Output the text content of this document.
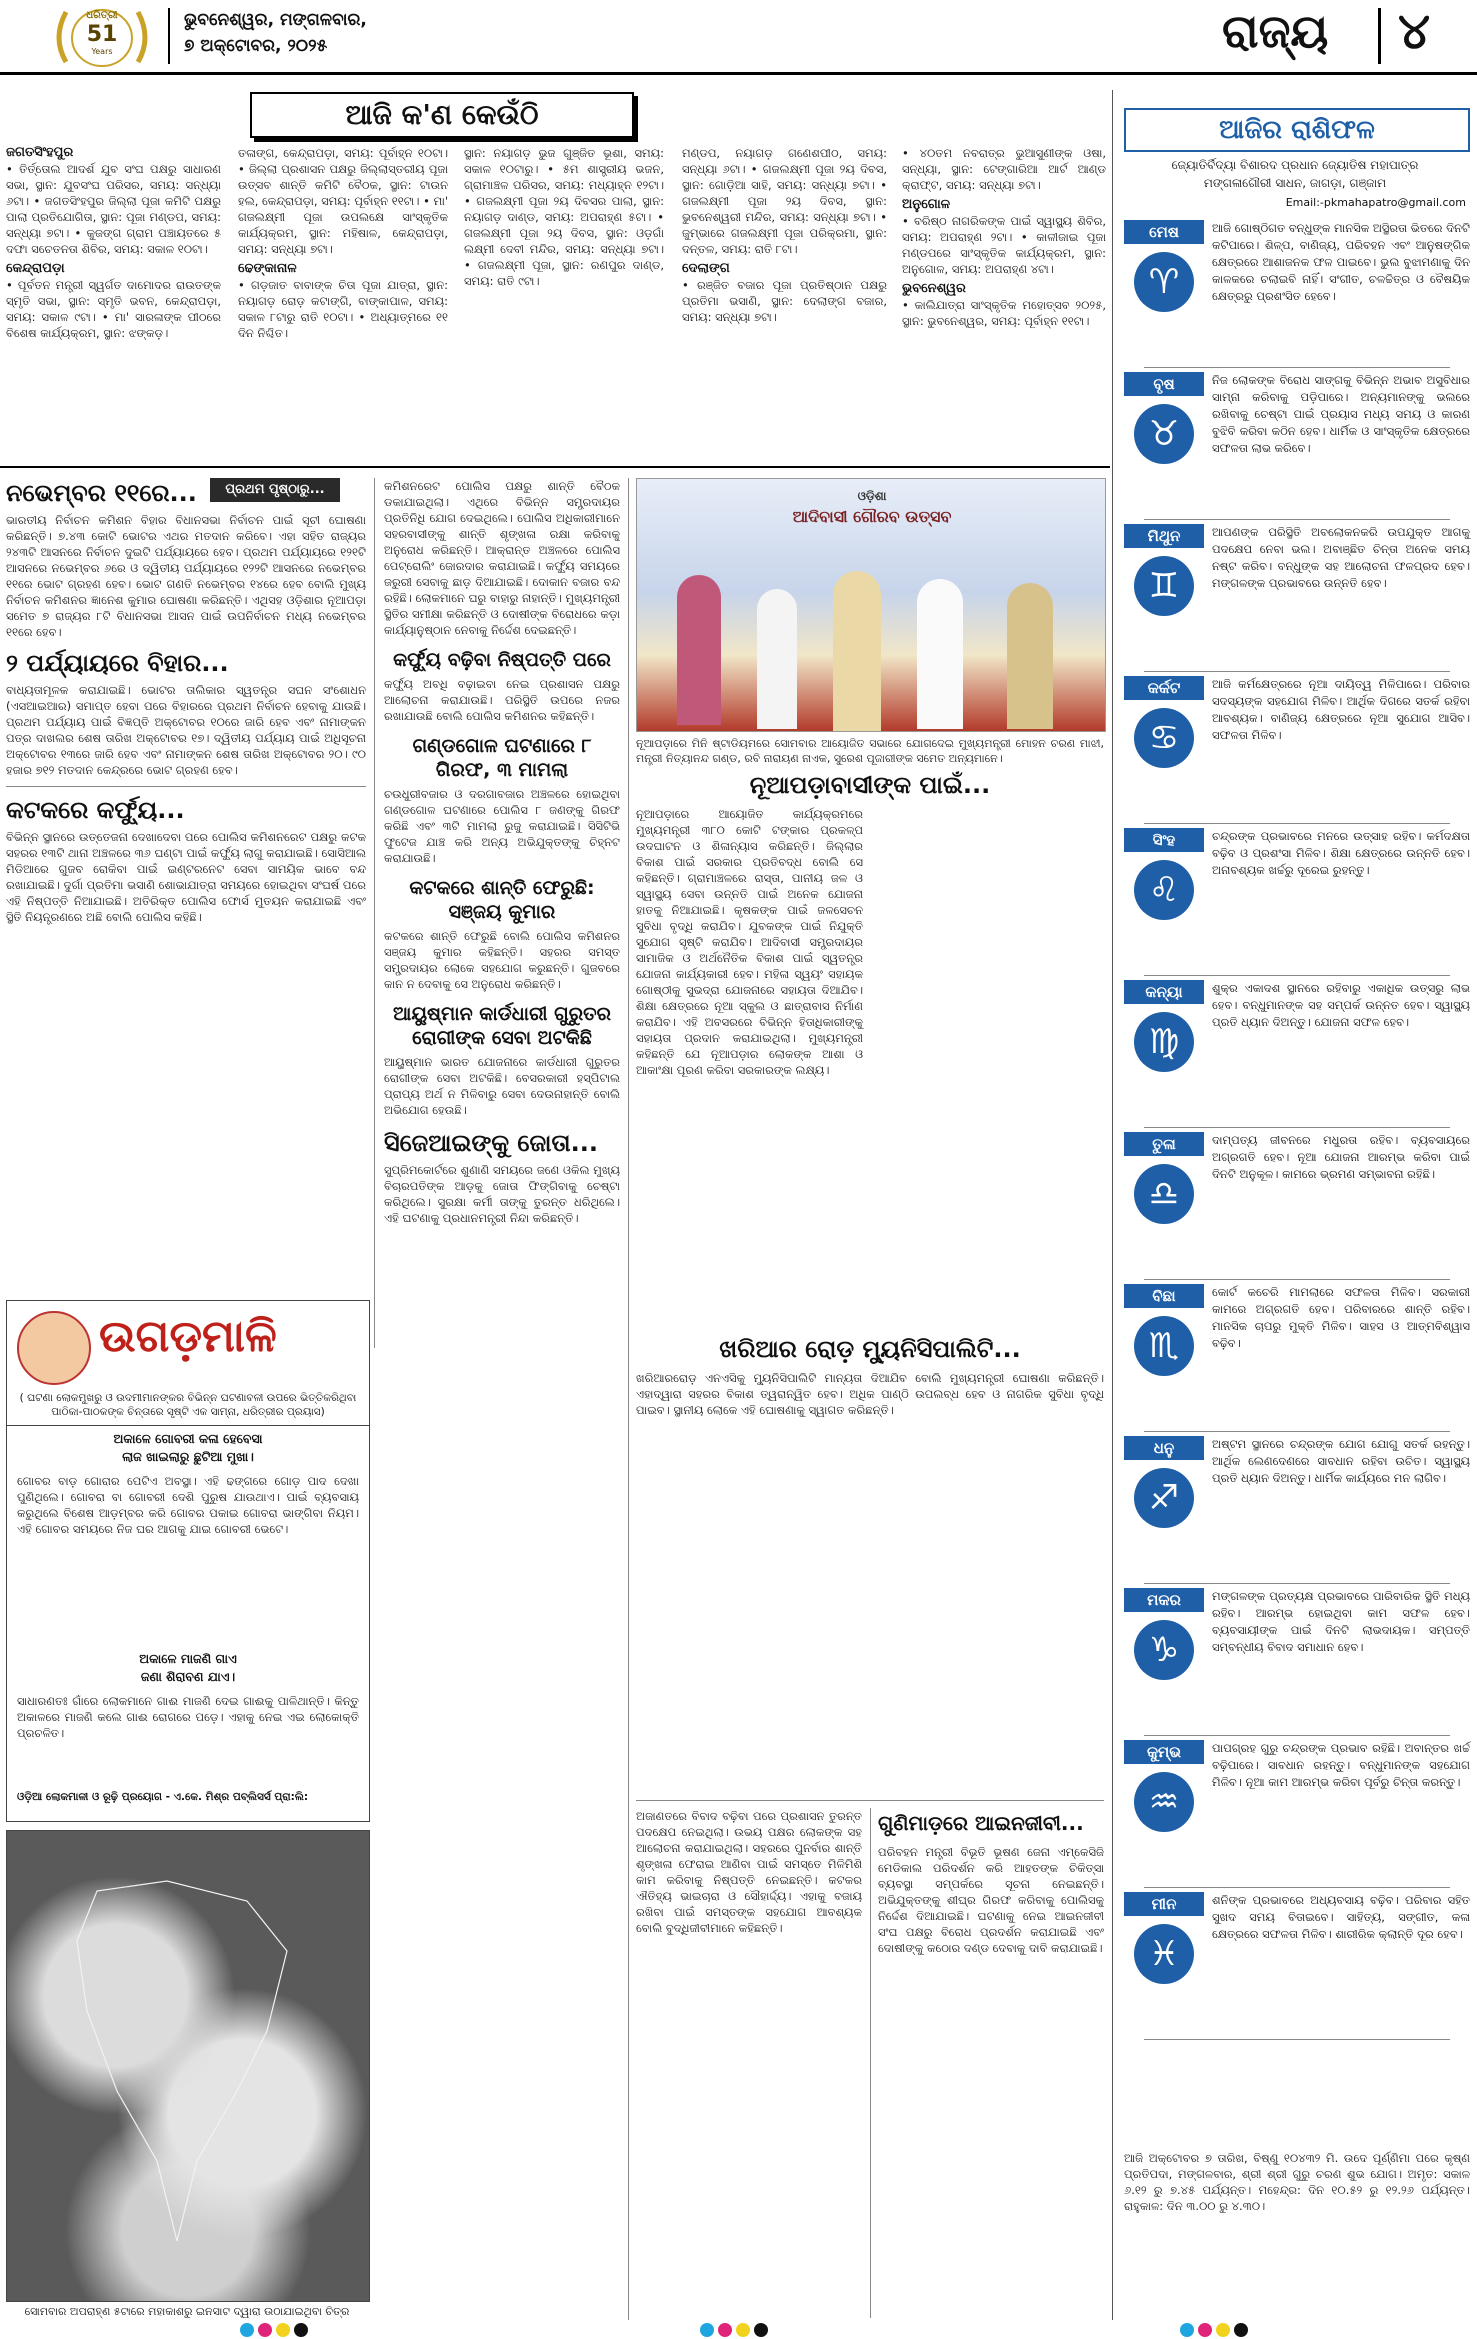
ଧରିତ୍ରୀ
51
Years
ଭୁବନେଶ୍ୱର, ମଙ୍ଗଳବାର,
୭ ଅକ୍ଟୋବର, ୨୦୨୫	ରାଜ୍ୟ ୪
ଆଜି କ'ଣ କେଉଁଠି
ଜଗତସିଂହପୁର

• ତିର୍ତ୍ତୋଲ ଆଦର୍ଶ ଯୁବ ସଂଘ ପକ୍ଷରୁ ସାଧାରଣ ସଭା, ସ୍ଥାନ: ଯୁବସଂଘ ପରିସର, ସମୟ: ସନ୍ଧ୍ୟା ୬ଟା। • ଜଗତସିଂହପୁର ଜିଲ୍ଲା ପୂଜା କମିଟି ପକ୍ଷରୁ ପାଲା ପ୍ରତିଯୋଗିତା, ସ୍ଥାନ: ପୂଜା ମଣ୍ଡପ, ସମୟ: ସନ୍ଧ୍ୟା ୭ଟା। • କୁଜଙ୍ଗ ଗ୍ରାମ ପଞ୍ଚାୟତରେ ୫ ଦଫା ସଚେତନତା ଶିବିର, ସମୟ: ସକାଳ ୧୦ଟା।

କେନ୍ଦ୍ରାପଡ଼ା

• ପୂର୍ବତନ ମନ୍ତ୍ରୀ ସ୍ୱର୍ଗତ ଦାମୋଦର ରାଉତଙ୍କ ସ୍ମୃତି ସଭା, ସ୍ଥାନ: ସ୍ମୃତି ଭବନ, କେନ୍ଦ୍ରାପଡ଼ା, ସମୟ: ସକାଳ ୯ଟା। • ମା' ସାରଳାଙ୍କ ପୀଠରେ ବିଶେଷ କାର୍ଯ୍ୟକ୍ରମ, ସ୍ଥାନ: ଝଙ୍କଡ଼।

ତଳାଙ୍ଗ, କେନ୍ଦ୍ରାପଡ଼ା, ସମୟ: ପୂର୍ବାହ୍ନ ୧୦ଟା। • ଜିଲ୍ଲା ପ୍ରଶାସନ ପକ୍ଷରୁ ଜିଲ୍ଲାସ୍ତରୀୟ ପୂଜା ଉତ୍ସବ ଶାନ୍ତି କମିଟି ବୈଠକ, ସ୍ଥାନ: ଟାଉନ ହଲ, କେନ୍ଦ୍ରାପଡ଼ା, ସମୟ: ପୂର୍ବାହ୍ନ ୧୧ଟା। • ମା' ଗଜଲକ୍ଷ୍ମୀ ପୂଜା ଉପଲକ୍ଷେ ସାଂସ୍କୃତିକ କାର୍ଯ୍ୟକ୍ରମ, ସ୍ଥାନ: ମହିଷାଳ, କେନ୍ଦ୍ରାପଡ଼ା, ସମୟ: ସନ୍ଧ୍ୟା ୭ଟା।

ଢେଙ୍କାନାଳ

• ଗଡ଼ଜାତ ବାବାଙ୍କ ଚିତା ପୂଜା ଯାତ୍ରା, ସ୍ଥାନ: ନୟାଗଡ଼ ରୋଡ଼ କଟାଙ୍ଗି, ବାଙ୍କାପାଳ, ସମୟ: ସକାଳ ୮ଟାରୁ ରାତି ୧୦ଟା। • ଅଧ୍ୟାତ୍ମରେ ୧୧ ଦିନ ନିଶ୍ଚିତ।

ସ୍ଥାନ: ନୟାଗଡ଼ ଭୁଜ ଗୁଞ୍ଜିତ ଭୂଶା, ସମୟ: ସକାଳ ୧୦ଟାରୁ। • ୫ମ ଶାସ୍ତ୍ରୀୟ ଭଜନ, ଗ୍ରାମାଞ୍ଚଳ ପରିସର, ସମୟ: ମଧ୍ୟାହ୍ନ ୧୨ଟା। • ଗଜଲକ୍ଷ୍ମୀ ପୂଜା ୨ୟ ଦିବସର ପାଲା, ସ୍ଥାନ: ନୟାଗଡ଼ ଦାଣ୍ଡ, ସମୟ: ଅପରାହ୍ଣ ୫ଟା। • ଗଜଲକ୍ଷ୍ମୀ ପୂଜା ୨ୟ ଦିବସ, ସ୍ଥାନ: ଓଡ଼ଗାଁ ଲକ୍ଷ୍ମୀ ଦେବୀ ମନ୍ଦିର, ସମୟ: ସନ୍ଧ୍ୟା ୭ଟା। • ଗଜଲକ୍ଷ୍ମୀ ପୂଜା, ସ୍ଥାନ: ରଣପୁର ଦାଣ୍ଡ, ସମୟ: ରାତି ୯ଟା।

ମଣ୍ଡପ, ନୟାଗଡ଼ ଗଣେଶପୀଠ, ସମୟ: ସନ୍ଧ୍ୟା ୬ଟା। • ଗଜଲକ୍ଷ୍ମୀ ପୂଜା ୨ୟ ଦିବସ, ସ୍ଥାନ: ଗୋଡ଼ିଆ ସାହି, ସମୟ: ସନ୍ଧ୍ୟା ୭ଟା। • ଗଜଲକ୍ଷ୍ମୀ ପୂଜା ୨ୟ ଦିବସ, ସ୍ଥାନ: ଭୁବନେଶ୍ୱରୀ ମନ୍ଦିର, ସମୟ: ସନ୍ଧ୍ୟା ୭ଟା। • ଜୁମ୍ଭାରେ ଗଜଲକ୍ଷ୍ମୀ ପୂଜା ପରିକ୍ରମା, ସ୍ଥାନ: ଦନ୍ତଳ, ସମୟ: ରାତି ୮ଟା।

ଦେଲାଙ୍ଗ

• ରଞ୍ଜିତ ବଜାର ପୂଜା ପ୍ରତିଷ୍ଠାନ ପକ୍ଷରୁ ପ୍ରତିମା ଭସାଣି, ସ୍ଥାନ: ଦେଲାଙ୍ଗ ବଜାର, ସମୟ: ସନ୍ଧ୍ୟା ୭ଟା।

• ୪୦ତମ ନବରାତ୍ର ଭୁଆସୁଣୀଙ୍କ ଓଷା, ସନ୍ଧ୍ୟା, ସ୍ଥାନ: ଟେଙ୍ଗାରିଆ ଆର୍ଟ ଆଣ୍ଡ କ୍ରାଫ୍ଟ, ସମୟ: ସନ୍ଧ୍ୟା ୭ଟା।

ଅନୁଗୋଳ

• ବରିଷ୍ଠ ନାଗରିକଙ୍କ ପାଇଁ ସ୍ୱାସ୍ଥ୍ୟ ଶିବିର, ସମୟ: ଅପରାହ୍ଣ ୨ଟା। • କାଳୀଜାଇ ପୂଜା ମଣ୍ଡପରେ ସାଂସ୍କୃତିକ କାର୍ଯ୍ୟକ୍ରମ, ସ୍ଥାନ: ଅନୁଗୋଳ, ସମୟ: ଅପରାହ୍ଣ ୪ଟା।

ଭୁବନେଶ୍ୱର

• କାଲିଯାତ୍ରା ସାଂସ୍କୃତିକ ମହୋତ୍ସବ ୨୦୨୫, ସ୍ଥାନ: ଭୁବନେଶ୍ୱର, ସମୟ: ପୂର୍ବାହ୍ନ ୧୧ଟା।

ନଭେମ୍ବର ୧୧ରେ...
ଭାରତୀୟ ନିର୍ବାଚନ କମିଶନ ବିହାର ବିଧାନସଭା ନିର୍ବାଚନ ପାଇଁ ସୂଚୀ ଘୋଷଣା କରିଛନ୍ତି। ୭.୪୩ କୋଟି ଭୋଟର ଏଥର ମତଦାନ କରିବେ। ଏହା ସହିତ ରାଜ୍ୟର ୨୪୩ଟି ଆସନରେ ନିର୍ବାଚନ ଦୁଇଟି ପର୍ଯ୍ୟାୟରେ ହେବ। ପ୍ରଥମ ପର୍ଯ୍ୟାୟରେ ୧୨୧ଟି ଆସନରେ ନଭେମ୍ବର ୬ରେ ଓ ଦ୍ୱିତୀୟ ପର୍ଯ୍ୟାୟରେ ୧୨୨ଟି ଆସନରେ ନଭେମ୍ବର ୧୧ରେ ଭୋଟ ଗ୍ରହଣ ହେବ। ଭୋଟ ଗଣତି ନଭେମ୍ବର ୧୪ରେ ହେବ ବୋଲି ମୁଖ୍ୟ ନିର୍ବାଚନ କମିଶନର ଜ୍ଞାନେଶ କୁମାର ଘୋଷଣା କରିଛନ୍ତି। ଏଥିସହ ଓଡ଼ିଶାର ନୂଆପଡ଼ା ସମେତ ୭ ରାଜ୍ୟର ୮ଟି ବିଧାନସଭା ଆସନ ପାଇଁ ଉପନିର୍ବାଚନ ମଧ୍ୟ ନଭେମ୍ବର ୧୧ରେ ହେବ।
୨ ପର୍ଯ୍ୟାୟରେ ବିହାର...
ବାଧ୍ୟତାମୂଳକ କରାଯାଇଛି। ଭୋଟର ତାଲିକାର ସ୍ୱତନ୍ତ୍ର ସଘନ ସଂଶୋଧନ (ଏସଆଇଆର) ସମାପ୍ତ ହେବା ପରେ ବିହାରରେ ପ୍ରଥମ ନିର୍ବାଚନ ହେବାକୁ ଯାଉଛି। ପ୍ରଥମ ପର୍ଯ୍ୟାୟ ପାଇଁ ବିଜ୍ଞପ୍ତି ଅକ୍ଟୋବର ୧୦ରେ ଜାରି ହେବ ଏବଂ ନାମାଙ୍କନ ପତ୍ର ଦାଖଲର ଶେଷ ତାରିଖ ଅକ୍ଟୋବର ୧୭। ଦ୍ୱିତୀୟ ପର୍ଯ୍ୟାୟ ପାଇଁ ଅଧିସୂଚନା ଅକ୍ଟୋବର ୧୩ରେ ଜାରି ହେବ ଏବଂ ନାମାଙ୍କନ ଶେଷ ତାରିଖ ଅକ୍ଟୋବର ୨୦। ୯୦ ହଜାର ୭୧୨ ମତଦାନ କେନ୍ଦ୍ରରେ ଭୋଟ ଗ୍ରହଣ ହେବ।
କଟକରେ କର୍ଫ୍ୟୁ...
ବିଭିନ୍ନ ସ୍ଥାନରେ ଉତ୍ତେଜନା ଦେଖାଦେବା ପରେ ପୋଲିସ କମିଶନରେଟ ପକ୍ଷରୁ କଟକ ସହରର ୧୩ଟି ଥାନା ଅଞ୍ଚଳରେ ୩୬ ଘଣ୍ଟା ପାଇଁ କର୍ଫ୍ୟୁ ଲାଗୁ କରାଯାଇଛି। ସୋସିଆଲ ମିଡିଆରେ ଗୁଜବ ରୋକିବା ପାଇଁ ଇଣ୍ଟରନେଟ ସେବା ସାମୟିକ ଭାବେ ବନ୍ଦ ରଖାଯାଇଛି। ଦୁର୍ଗା ପ୍ରତିମା ଭସାଣି ଶୋଭାଯାତ୍ରା ସମୟରେ ହୋଇଥିବା ସଂଘର୍ଷ ପରେ ଏହି ନିଷ୍ପତ୍ତି ନିଆଯାଇଛି। ଅତିରିକ୍ତ ପୋଲିସ ଫୋର୍ସ ମୁତୟନ କରାଯାଇଛି ଏବଂ ସ୍ଥିତି ନିୟନ୍ତ୍ରଣରେ ଅଛି ବୋଲି ପୋଲିସ କହିଛି।
ପ୍ରଥମ ପୃଷ୍ଠାରୁ...	କମିଶନରେଟ ପୋଲିସ ପକ୍ଷରୁ ଶାନ୍ତି ବୈଠକ ଡକାଯାଇଥିଲା। ଏଥିରେ ବିଭିନ୍ନ ସମ୍ପ୍ରଦାୟର ପ୍ରତିନିଧି ଯୋଗ ଦେଇଥିଲେ। ପୋଲିସ ଅଧିକାରୀମାନେ ସହରବାସୀଙ୍କୁ ଶାନ୍ତି ଶୃଙ୍ଖଳା ରକ୍ଷା କରିବାକୁ ଅନୁରୋଧ କରିଛନ୍ତି। ଆକ୍ରାନ୍ତ ଅଞ୍ଚଳରେ ପୋଲିସ ପେଟ୍ରୋଲିଂ ଜୋରଦାର କରାଯାଇଛି। କର୍ଫ୍ୟୁ ସମୟରେ ଜରୁରୀ ସେବାକୁ ଛାଡ଼ ଦିଆଯାଇଛି। ଦୋକାନ ବଜାର ବନ୍ଦ ରହିଛି। ଲୋକମାନେ ଘରୁ ବାହାରୁ ନାହାନ୍ତି। ମୁଖ୍ୟମନ୍ତ୍ରୀ ସ୍ଥିତିର ସମୀକ୍ଷା କରିଛନ୍ତି ଓ ଦୋଷୀଙ୍କ ବିରୋଧରେ କଡ଼ା କାର୍ଯ୍ୟାନୁଷ୍ଠାନ ନେବାକୁ ନିର୍ଦ୍ଦେଶ ଦେଇଛନ୍ତି।
କର୍ଫ୍ୟୁ ବଢ଼ିବା ନିଷ୍ପତ୍ତି ପରେ
କର୍ଫ୍ୟୁ ଅବଧି ବଢ଼ାଇବା ନେଇ ପ୍ରଶାସନ ପକ୍ଷରୁ ଆଲୋଚନା କରାଯାଉଛି। ପରିସ୍ଥିତି ଉପରେ ନଜର ରଖାଯାଉଛି ବୋଲି ପୋଲିସ କମିଶନର କହିଛନ୍ତି।
ଗଣ୍ଡଗୋଳ ଘଟଣାରେ ୮ ଗିରଫ, ୩ ମାମଲା
ଚଉଧୁରୀବଜାର ଓ ଦରଗାବଜାର ଅଞ୍ଚଳରେ ହୋଇଥିବା ଗଣ୍ଡଗୋଳ ଘଟଣାରେ ପୋଲିସ ୮ ଜଣଙ୍କୁ ଗିରଫ କରିଛି ଏବଂ ୩ଟି ମାମଲା ରୁଜୁ କରାଯାଇଛି। ସିସିଟିଭି ଫୁଟେଜ ଯାଞ୍ଚ କରି ଅନ୍ୟ ଅଭିଯୁକ୍ତଙ୍କୁ ଚିହ୍ନଟ କରାଯାଉଛି।
କଟକରେ ଶାନ୍ତି ଫେରୁଛି: ସଞ୍ଜୟ କୁମାର
କଟକରେ ଶାନ୍ତି ଫେରୁଛି ବୋଲି ପୋଲିସ କମିଶନର ସଞ୍ଜୟ କୁମାର କହିଛନ୍ତି। ସହରର ସମସ୍ତ ସମ୍ପ୍ରଦାୟର ଲୋକେ ସହଯୋଗ କରୁଛନ୍ତି। ଗୁଜବରେ କାନ ନ ଦେବାକୁ ସେ ଅନୁରୋଧ କରିଛନ୍ତି।
ଆୟୁଷ୍ମାନ କାର୍ଡଧାରୀ ଗୁରୁତର ରୋଗୀଙ୍କ ସେବା ଅଟକିଛି
ଆୟୁଷ୍ମାନ ଭାରତ ଯୋଜନାରେ କାର୍ଡଧାରୀ ଗୁରୁତର ରୋଗୀଙ୍କ ସେବା ଅଟକିଛି। ବେସରକାରୀ ହସ୍ପିଟାଲ ପ୍ରାପ୍ୟ ଅର୍ଥ ନ ମିଳିବାରୁ ସେବା ଦେଉନାହାନ୍ତି ବୋଲି ଅଭିଯୋଗ ହେଉଛି।
ସିଜେଆଇଙ୍କୁ ଜୋତା...
ସୁପ୍ରିମକୋର୍ଟରେ ଶୁଣାଣି ସମୟରେ ଜଣେ ଓକିଲ ମୁଖ୍ୟ ବିଚାରପତିଙ୍କ ଆଡ଼କୁ ଜୋତା ଫିଙ୍ଗିବାକୁ ଚେଷ୍ଟା କରିଥିଲେ। ସୁରକ୍ଷା କର୍ମୀ ତାଙ୍କୁ ତୁରନ୍ତ ଧରିଥିଲେ। ଏହି ଘଟଣାକୁ ପ୍ରଧାନମନ୍ତ୍ରୀ ନିନ୍ଦା କରିଛନ୍ତି।
ଓଡ଼ିଶା
ଆଦିବାସୀ ଗୌରବ ଉତ୍ସବ
ନୂଆପଡ଼ାରେ ମିନି ଷ୍ଟାଡିୟମରେ ସୋମବାର ଆୟୋଜିତ ସଭାରେ ଯୋଗଦେଇ ମୁଖ୍ୟମନ୍ତ୍ରୀ ମୋହନ ଚରଣ ମାଝୀ, ମନ୍ତ୍ରୀ ନିତ୍ୟାନନ୍ଦ ଗଣ୍ଡ, ରବି ନାରାୟଣ ନାଏକ, ସୁରେଶ ପୂଜାରୀଙ୍କ ସମେତ ଅନ୍ୟମାନେ।
ନୂଆପଡ଼ାବାସୀଙ୍କ ପାଇଁ...
ନୂଆପଡ଼ାରେ ଆୟୋଜିତ କାର୍ଯ୍ୟକ୍ରମରେ ମୁଖ୍ୟମନ୍ତ୍ରୀ ୩୮୦ କୋଟି ଟଙ୍କାର ପ୍ରକଳ୍ପ ଉଦଘାଟନ ଓ ଶିଳାନ୍ୟାସ କରିଛନ୍ତି। ଜିଲ୍ଲାର ବିକାଶ ପାଇଁ ସରକାର ପ୍ରତିବଦ୍ଧ ବୋଲି ସେ କହିଛନ୍ତି। ଗ୍ରାମାଞ୍ଚଳରେ ରାସ୍ତା, ପାନୀୟ ଜଳ ଓ ସ୍ୱାସ୍ଥ୍ୟ ସେବା ଉନ୍ନତି ପାଇଁ ଅନେକ ଯୋଜନା ହାତକୁ ନିଆଯାଇଛି। କୃଷକଙ୍କ ପାଇଁ ଜଳସେଚନ ସୁବିଧା ବୃଦ୍ଧି କରାଯିବ। ଯୁବକଙ୍କ ପାଇଁ ନିଯୁକ୍ତି ସୁଯୋଗ ସୃଷ୍ଟି କରାଯିବ। ଆଦିବାସୀ ସମ୍ପ୍ରଦାୟର ସାମାଜିକ ଓ ଅର୍ଥନୈତିକ ବିକାଶ ପାଇଁ ସ୍ୱତନ୍ତ୍ର ଯୋଜନା କାର୍ଯ୍ୟକାରୀ ହେବ। ମହିଳା ସ୍ୱୟଂ ସହାୟକ ଗୋଷ୍ଠୀକୁ ସୁଭଦ୍ରା ଯୋଜନାରେ ସହାୟତା ଦିଆଯିବ। ଶିକ୍ଷା କ୍ଷେତ୍ରରେ ନୂଆ ସ୍କୁଲ ଓ ଛାତ୍ରାବାସ ନିର୍ମାଣ କରାଯିବ। ଏହି ଅବସରରେ ବିଭିନ୍ନ ହିତାଧିକାରୀଙ୍କୁ ସହାୟତା ପ୍ରଦାନ କରାଯାଇଥିଲା। ମୁଖ୍ୟମନ୍ତ୍ରୀ କହିଛନ୍ତି ଯେ ନୂଆପଡ଼ାର ଲୋକଙ୍କ ଆଶା ଓ ଆକାଂକ୍ଷା ପୂରଣ କରିବା ସରକାରଙ୍କ ଲକ୍ଷ୍ୟ।
ଖରିଆର ରୋଡ଼ ମ୍ୟୁନିସିପାଲିଟି...
ଖରିଆରରୋଡ଼ ଏନଏସିକୁ ମ୍ୟୁନିସିପାଲିଟି ମାନ୍ୟତା ଦିଆଯିବ ବୋଲି ମୁଖ୍ୟମନ୍ତ୍ରୀ ଘୋଷଣା କରିଛନ୍ତି। ଏହାଦ୍ୱାରା ସହରର ବିକାଶ ତ୍ୱରାନ୍ୱିତ ହେବ। ଅଧିକ ପାଣ୍ଠି ଉପଲବ୍ଧ ହେବ ଓ ନାଗରିକ ସୁବିଧା ବୃଦ୍ଧି ପାଇବ। ସ୍ଥାନୀୟ ଲୋକେ ଏହି ଘୋଷଣାକୁ ସ୍ୱାଗତ କରିଛନ୍ତି।
ଅଜାଣତରେ ବିବାଦ ବଢ଼ିବା ପରେ ପ୍ରଶାସନ ତୁରନ୍ତ ପଦକ୍ଷେପ ନେଇଥିଲା। ଉଭୟ ପକ୍ଷର ଲୋକଙ୍କ ସହ ଆଲୋଚନା କରାଯାଇଥିଲା। ସହରରେ ପୁନର୍ବାର ଶାନ୍ତି ଶୃଙ୍ଖଳା ଫେରାଇ ଆଣିବା ପାଇଁ ସମସ୍ତେ ମିଳିମିଶି କାମ କରିବାକୁ ନିଷ୍ପତ୍ତି ନେଇଛନ୍ତି। କଟକର ଐତିହ୍ୟ ଭାଇଚାରା ଓ ସୌହାର୍ଦ୍ଦ୍ୟ। ଏହାକୁ ବଜାୟ ରଖିବା ପାଇଁ ସମସ୍ତଙ୍କ ସହଯୋଗ ଆବଶ୍ୟକ ବୋଲି ବୁଦ୍ଧିଜୀବୀମାନେ କହିଛନ୍ତି।
ଗୁଣିମାଡ଼ରେ ଆଇନଜୀବୀ...
ପରିବହନ ମନ୍ତ୍ରୀ ବିଭୂତି ଭୂଷଣ ଜେନା ଏମ୍‌କେସିଜି ମେଡିକାଲ ପରିଦର୍ଶନ କରି ଆହତଙ୍କ ଚିକିତ୍ସା ବ୍ୟବସ୍ଥା ସମ୍ପର୍କରେ ସୂଚନା ନେଇଛନ୍ତି। ଅଭିଯୁକ୍ତଙ୍କୁ ଶୀଘ୍ର ଗିରଫ କରିବାକୁ ପୋଲିସକୁ ନିର୍ଦ୍ଦେଶ ଦିଆଯାଇଛି। ଘଟଣାକୁ ନେଇ ଆଇନଜୀବୀ ସଂଘ ପକ୍ଷରୁ ବିରୋଧ ପ୍ରଦର୍ଶନ କରାଯାଇଛି ଏବଂ ଦୋଷୀଙ୍କୁ କଠୋର ଦଣ୍ଡ ଦେବାକୁ ଦାବି କରାଯାଇଛି।
ଉଗଡ଼ମାଳି
( ଘଟଣା ଲୋକମୁଖରୁ ଓ ଉଦମୀମାନଙ୍କର ବିଭିନ୍ନ ଘଟଣାବଳୀ ଉପରେ ଭିତ୍ତିକରିଥିବା ପାଠିକା-ପାଠକଙ୍କ ଚିନ୍ତାରେ ସୃଷ୍ଟି ଏକ ସାମ୍ନା, ଧରିତ୍ରୀର ପ୍ରୟାସ)
ଅକାଳେ ଗୋବରୀ କଳା ହେବେସା
ଲାଜ ଖାଇଲାରୁ ଛୁଟିଆ ମୁଖା।
ଗୋବର ବାଡ଼ ଗୋରାର ପେଟିଏ ଅବସ୍ଥା। ଏହି ଢଙ୍ଗରେ ଗୋଡ଼ ପାଦ ଦେଖା ପୁଣିଥିଲେ। ଗୋବରା ବା ଗୋବରୀ ଦେଶି ପୁରୁଷ ଯାଉଥାଏ। ପାଇଁ ବ୍ୟବସାୟ କରୁଥିଲେ ବିଶେଷ ଆଡ଼ମ୍ବର କରି ଗୋବର ପକାଇ ଗୋବରା ଭାଙ୍ଗିବା ନିୟମ। ଏହି ଗୋବର ସମୟରେ ନିଜ ଘର ଆଗକୁ ଯାଇ ଗୋବରୀ ଭେଟେ।
ଅକାଳେ ମାଜଣି ଗାଏ
ଜଣା ଶିରାବଣ ଯାଏ।
ସାଧାରଣତଃ ଗାଁରେ ଲୋକମାନେ ଗାଈ ମାଜଣି ଦେଇ ଗାଈକୁ ପାଳିଥାନ୍ତି। କିନ୍ତୁ ଅକାଳରେ ମାଜଣି କଲେ ଗାଈ ରୋଗରେ ପଡ଼େ। ଏହାକୁ ନେଇ ଏଇ ଲୋକୋକ୍ତି ପ୍ରଚଳିତ।
ଓଡ଼ିଆ ଲୋକମାଳୀ ଓ ରୂଢ଼ି ପ୍ରୟୋଗ - ଏ.କେ. ମିଶ୍ର ପବ୍ଲିସର୍ସ ପ୍ରା:ଲି:
ସୋମବାର ଅପରାହ୍ଣ ୫ଟାରେ ମହାକାଶରୁ ଇନସାଟ ଦ୍ୱାରା ଉଠାଯାଇଥିବା ଚିତ୍ର
ଆଜିର ରାଶିଫଳ
ଜ୍ୟୋତିର୍ବିଦ୍ୟା ବିଶାରଦ ପ୍ରଧାନ ଜ୍ୟୋତିଷ ମହାପାତ୍ର
ମଙ୍ଗଳାଗୌରୀ ସାଧନ, ଜାଗଡ଼ା, ଗଞ୍ଜାମ
Email:-pkmahapatro@gmail.com
ମେଷ
♈
ଆଜି ଗୋଷ୍ଠିଗତ ବନ୍ଧୁଙ୍କ ମାନସିକ ଅସ୍ଥିରତା ଭିତରେ ଦିନଟି କଟିପାରେ। ଶିଳ୍ପ, ବାଣିଜ୍ୟ, ପରିବହନ ଏବଂ ଆନୁଷଙ୍ଗିକ କ୍ଷେତ୍ରରେ ଆଶାଜନକ ଫଳ ପାଇବେ। ଭୁଲ ବୁଝାମଣାକୁ ଦିନ କାଳକରେ ଚଲାଇବି ନାହିଁ। ସଂଗୀତ, ଚଳଚ୍ଚିତ୍ର ଓ ବୈଷୟିକ କ୍ଷେତ୍ରରୁ ପ୍ରଶଂସିତ ହେବେ।
ବୃଷ
♉
ନିଜ ଲୋକଙ୍କ ବିରୋଧ ସାଙ୍ଗକୁ ବିଭିନ୍ନ ଅଭାବ ଅସୁବିଧାର ସାମ୍ନା କରିବାକୁ ପଡ଼ିପାରେ। ଅନ୍ୟମାନଙ୍କୁ ଭଲରେ ରଖିବାକୁ ଚେଷ୍ଟା ପାଇଁ ପ୍ରୟାସ ମଧ୍ୟ ସମୟ ଓ କାରଣ ବୁଝିବି କରିବା କଠିନ ହେବ। ଧାର୍ମିକ ଓ ସାଂସ୍କୃତିକ କ୍ଷେତ୍ରରେ ସଫଳତା ଲାଭ କରିବେ।
ମିଥୁନ
♊
ଆପଣଙ୍କ ପରିସ୍ଥିତି ଅବଲୋକନକରି ଉପଯୁକ୍ତ ଆଗକୁ ପଦକ୍ଷେପ ନେବା ଭଲ। ଅବାଞ୍ଛିତ ଚିନ୍ତା ଅନେକ ସମୟ ନଷ୍ଟ କରିବ। ବନ୍ଧୁଙ୍କ ସହ ଆଲୋଚନା ଫଳପ୍ରଦ ହେବ। ମଙ୍ଗଳଙ୍କ ପ୍ରଭାବରେ ଉନ୍ନତି ହେବ।
କର୍କଟ
♋
ଆଜି କର୍ମକ୍ଷେତ୍ରରେ ନୂଆ ଦାୟିତ୍ୱ ମିଳିପାରେ। ପରିବାର ସଦସ୍ୟଙ୍କ ସହଯୋଗ ମିଳିବ। ଆର୍ଥିକ ଦିଗରେ ସତର୍କ ରହିବା ଆବଶ୍ୟକ। ବାଣିଜ୍ୟ କ୍ଷେତ୍ରରେ ନୂଆ ସୁଯୋଗ ଆସିବ। ସଫଳତା ମିଳିବ।
ସିଂହ
♌
ଚନ୍ଦ୍ରଙ୍କ ପ୍ରଭାବରେ ମନରେ ଉତ୍ସାହ ରହିବ। କର୍ମଦକ୍ଷତା ବଢ଼ିବ ଓ ପ୍ରଶଂସା ମିଳିବ। ଶିକ୍ଷା କ୍ଷେତ୍ରରେ ଉନ୍ନତି ହେବ। ଅନାବଶ୍ୟକ ଖର୍ଚ୍ଚରୁ ଦୂରେଇ ରୁହନ୍ତୁ।
କନ୍ୟା
♍
ଶୁକ୍ର ଏକାଦଶ ସ୍ଥାନରେ ରହିବାରୁ ଏକାଧିକ ଉତ୍ସରୁ ଲାଭ ହେବ। ବନ୍ଧୁମାନଙ୍କ ସହ ସମ୍ପର୍କ ଉନ୍ନତ ହେବ। ସ୍ୱାସ୍ଥ୍ୟ ପ୍ରତି ଧ୍ୟାନ ଦିଅନ୍ତୁ। ଯୋଜନା ସଫଳ ହେବ।
ତୁଳା
♎
ଦାମ୍ପତ୍ୟ ଜୀବନରେ ମଧୁରତା ରହିବ। ବ୍ୟବସାୟରେ ଅଗ୍ରଗତି ହେବ। ନୂଆ ଯୋଜନା ଆରମ୍ଭ କରିବା ପାଇଁ ଦିନଟି ଅନୁକୂଳ। କାମରେ ଭ୍ରମଣ ସମ୍ଭାବନା ରହିଛି।
ବିଛା
♏
କୋର୍ଟ କଚେରି ମାମଲାରେ ସଫଳତା ମିଳିବ। ସରକାରୀ କାମରେ ଅଗ୍ରଗତି ହେବ। ପରିବାରରେ ଶାନ୍ତି ରହିବ। ମାନସିକ ଚାପରୁ ମୁକ୍ତି ମିଳିବ। ସାହସ ଓ ଆତ୍ମବିଶ୍ୱାସ ବଢ଼ିବ।
ଧନୁ
♐
ଅଷ୍ଟମ ସ୍ଥାନରେ ଚନ୍ଦ୍ରଙ୍କ ଯୋଗ ଯୋଗୁ ସତର୍କ ରହନ୍ତୁ। ଆର୍ଥିକ ଲେଣଦେଣରେ ସାବଧାନ ରହିବା ଉଚିତ। ସ୍ୱାସ୍ଥ୍ୟ ପ୍ରତି ଧ୍ୟାନ ଦିଅନ୍ତୁ। ଧାର୍ମିକ କାର୍ଯ୍ୟରେ ମନ ଲାଗିବ।
ମକର
♑
ମଙ୍ଗଳଙ୍କ ପ୍ରତ୍ୟକ୍ଷ ପ୍ରଭାବରେ ପାରିବାରିକ ସ୍ଥିତି ମଧ୍ୟ ରହିବ। ଆରମ୍ଭ ହୋଇଥିବା କାମ ସଫଳ ହେବ। ବ୍ୟବସାୟୀଙ୍କ ପାଇଁ ଦିନଟି ଲାଭଦାୟକ। ସମ୍ପତ୍ତି ସମ୍ବନ୍ଧୀୟ ବିବାଦ ସମାଧାନ ହେବ।
କୁମ୍ଭ
♒
ପାପଗ୍ରହ ଗୁରୁ ଚନ୍ଦ୍ରଙ୍କ ପ୍ରଭାବ ରହିଛି। ଅବାନ୍ତର ଖର୍ଚ୍ଚ ବଢ଼ିପାରେ। ସାବଧାନ ରହନ୍ତୁ। ବନ୍ଧୁମାନଙ୍କ ସହଯୋଗ ମିଳିବ। ନୂଆ କାମ ଆରମ୍ଭ କରିବା ପୂର୍ବରୁ ଚିନ୍ତା କରନ୍ତୁ।
ମୀନ
♓
ଶନିଙ୍କ ପ୍ରଭାବରେ ଅଧ୍ୟବସାୟ ବଢ଼ିବ। ପରିବାର ସହିତ ସୁଖଦ ସମୟ ବିତାଇବେ। ସାହିତ୍ୟ, ସଙ୍ଗୀତ, କଳା କ୍ଷେତ୍ରରେ ସଫଳତା ମିଳିବ। ଶାରୀରିକ କ୍ଲାନ୍ତି ଦୂର ହେବ।
ଆଜି ଅକ୍ଟୋବର ୭ ତାରିଖ, ବିଷ୍ଣୁ ୧୦୪୩୨ ମି. ଉଦେ ପୂର୍ଣ୍ଣିମା ପରେ କୃଷ୍ଣ ପ୍ରତିପଦା, ମଙ୍ଗଳବାର, ଶ୍ରୀ ଶ୍ରୀ ଗୁରୁ ଚରଣ ଶୁଭ ଯୋଗ। ଅମୃତ: ସକାଳ ୬.୧୨ ରୁ ୭.୪୫ ପର୍ଯ୍ୟନ୍ତ। ମହେନ୍ଦ୍ର: ଦିନ ୧୦.୫୨ ରୁ ୧୨.୨୬ ପର୍ଯ୍ୟନ୍ତ। ରାହୁକାଳ: ଦିନ ୩.୦୦ ରୁ ୪.୩୦।
